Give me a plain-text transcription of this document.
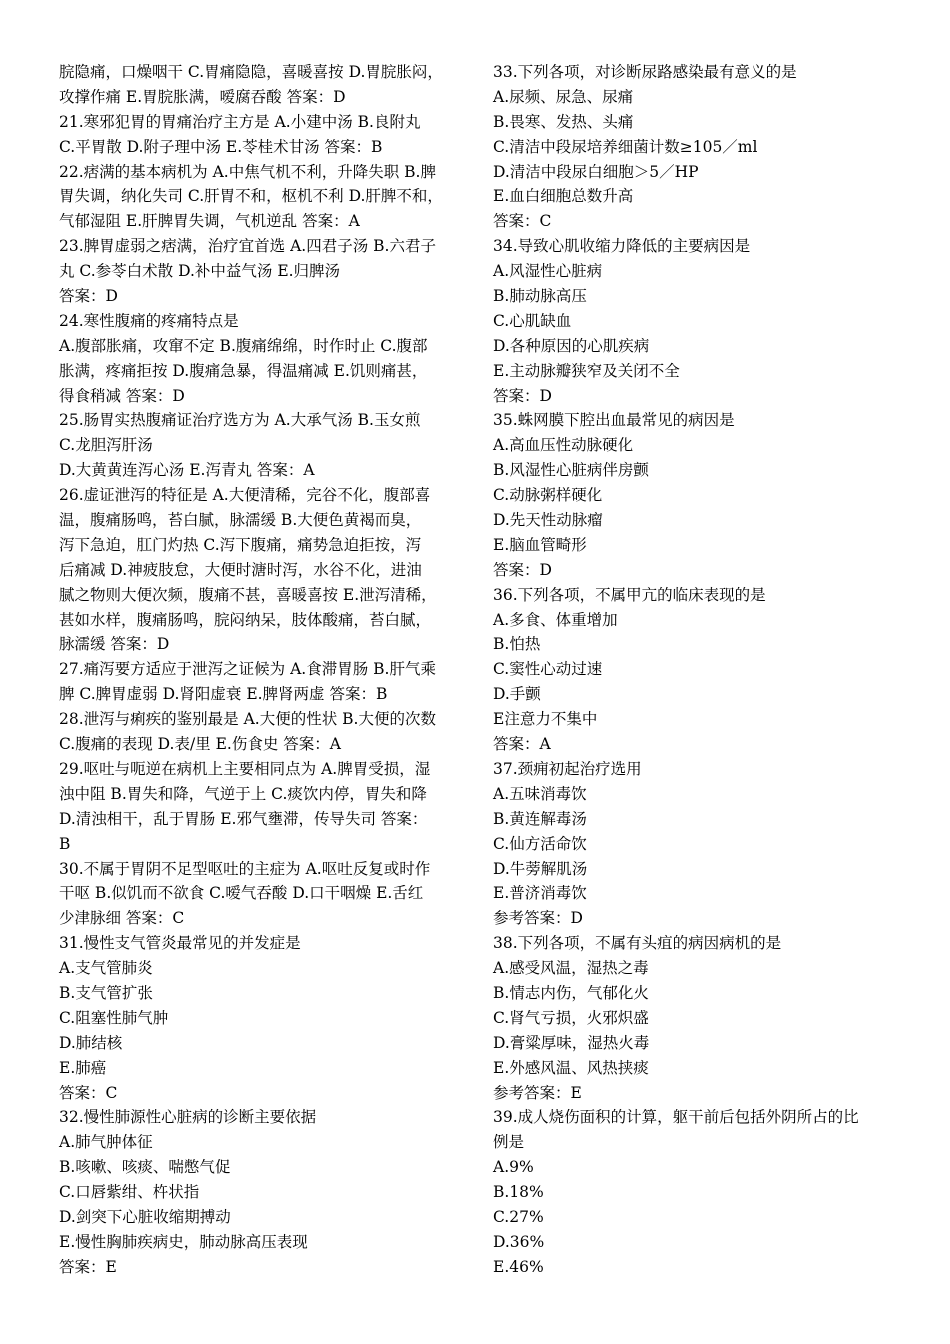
脘隐痛，口燥咽干 C.胃痛隐隐，喜暖喜按 D.胃脘胀闷，
攻撑作痛 E.胃脘胀满，嗳腐吞酸 答案：D
21.寒邪犯胃的胃痛治疗主方是 A.小建中汤 B.良附丸
C.平胃散 D.附子理中汤 E.苓桂术甘汤 答案：B
22.痞满的基本病机为 A.中焦气机不利，升降失职 B.脾
胃失调，纳化失司 C.肝胃不和，枢机不利 D.肝脾不和，
气郁湿阻 E.肝脾胃失调，气机逆乱 答案：A
23.脾胃虚弱之痞满，治疗宜首选 A.四君子汤 B.六君子
丸 C.参苓白术散 D.补中益气汤 E.归脾汤
答案：D
24.寒性腹痛的疼痛特点是
A.腹部胀痛，攻窜不定 B.腹痛绵绵，时作时止 C.腹部
胀满，疼痛拒按 D.腹痛急暴，得温痛减 E.饥则痛甚，
得食稍减 答案：D
25.肠胃实热腹痛证治疗选方为 A.大承气汤 B.玉女煎
C.龙胆泻肝汤
D.大黄黄连泻心汤 E.泻青丸 答案：A
26.虚证泄泻的特征是 A.大便清稀，完谷不化，腹部喜
温，腹痛肠鸣，苔白腻，脉濡缓 B.大便色黄褐而臭，
泻下急迫，肛门灼热 C.泻下腹痛，痛势急迫拒按，泻
后痛减 D.神疲肢怠，大便时溏时泻，水谷不化，进油
腻之物则大便次频，腹痛不甚，喜暖喜按 E.泄泻清稀，
甚如水样，腹痛肠鸣，脘闷纳呆，肢体酸痛，苔白腻，
脉濡缓 答案：D
27.痛泻要方适应于泄泻之证候为 A.食滞胃肠 B.肝气乘
脾 C.脾胃虚弱 D.肾阳虚衰 E.脾肾两虚 答案：B
28.泄泻与痢疾的鉴别最是 A.大便的性状 B.大便的次数
C.腹痛的表现 D.表/里 E.伤食史 答案：A
29.呕吐与呃逆在病机上主要相同点为 A.脾胃受损，湿
浊中阻 B.胃失和降，气逆于上 C.痰饮内停，胃失和降
D.清浊相干，乱于胃肠 E.邪气壅滞，传导失司 答案：
B
30.不属于胃阴不足型呕吐的主症为 A.呕吐反复或时作
干呕 B.似饥而不欲食 C.嗳气吞酸 D.口干咽燥 E.舌红
少津脉细 答案：C
31.慢性支气管炎最常见的并发症是
A.支气管肺炎
B.支气管扩张
C.阻塞性肺气肿
D.肺结核
E.肺癌
答案：C
32.慢性肺源性心脏病的诊断主要依据
A.肺气肿体征
B.咳嗽、咳痰、喘憋气促
C.口唇紫绀、杵状指
D.剑突下心脏收缩期搏动
E.慢性胸肺疾病史，肺动脉高压表现
答案：E
33.下列各项，对诊断尿路感染最有意义的是
A.尿频、尿急、尿痛
B.畏寒、发热、头痛
C.清洁中段尿培养细菌计数≥105／ml
D.清洁中段尿白细胞＞5／HP
E.血白细胞总数升高
答案：C
34.导致心肌收缩力降低的主要病因是
A.风湿性心脏病
B.肺动脉高压
C.心肌缺血
D.各种原因的心肌疾病
E.主动脉瓣狭窄及关闭不全
答案：D
35.蛛网膜下腔出血最常见的病因是
A.高血压性动脉硬化
B.风湿性心脏病伴房颤
C.动脉粥样硬化
D.先天性动脉瘤
E.脑血管畸形
答案：D
36.下列各项，不属甲亢的临床表现的是
A.多食、体重增加
B.怕热
C.窦性心动过速
D.手颤
E注意力不集中
答案：A
37.颈痈初起治疗选用
A.五味消毒饮
B.黄连解毒汤
C.仙方活命饮
D.牛蒡解肌汤
E.普济消毒饮
参考答案：D
38.下列各项，不属有头疽的病因病机的是
A.感受风温，湿热之毒
B.情志内伤，气郁化火
C.肾气亏损，火邪炽盛
D.膏粱厚味，湿热火毒
E.外感风温、风热挟痰
参考答案：E
39.成人烧伤面积的计算，躯干前后包括外阴所占的比
例是
A.9%
B.18%
C.27%
D.36%
E.46%
